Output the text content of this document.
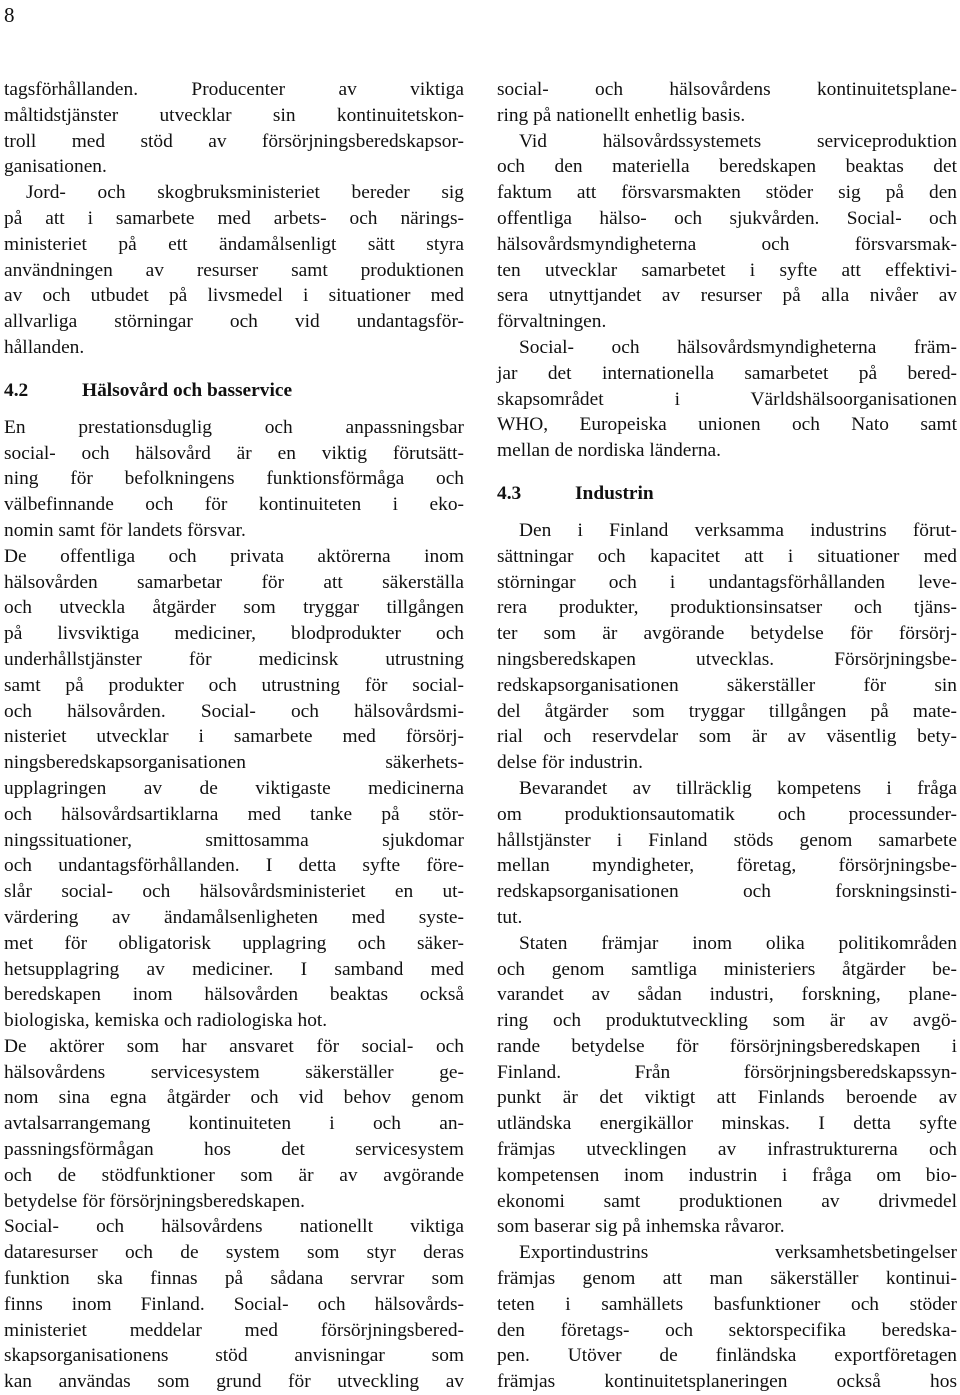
8
tagsförhållanden. Producenter av viktiga
måltidstjänster utvecklar sin kontinuitetskon-
troll med stöd av försörjningsberedskapsor-
ganisationen.
Jord- och skogbruksministeriet bereder sig
på att i samarbete med arbets- och närings-
ministeriet på ett ändamålsenligt sätt styra
användningen av resurser samt produktionen
av och utbudet på livsmedel i situationer med
allvarliga störningar och vid undantagsför-
hållanden.
4.2	Hälsovård och basservice
En prestationsduglig och anpassningsbar
social- och hälsovård är en viktig förutsätt-
ning för befolkningens funktionsförmåga och
välbefinnande och för kontinuiteten i eko-
nomin samt för landets försvar.
De offentliga och privata aktörerna inom
hälsovården samarbetar för att säkerställa
och utveckla åtgärder som tryggar tillgången
på livsviktiga mediciner, blodprodukter och
underhållstjänster för medicinsk utrustning
samt på produkter och utrustning för social-
och hälsovården. Social- och hälsovårdsmi-
nisteriet utvecklar i samarbete med försörj-
ningsberedskapsorganisationen säkerhets-
upplagringen av de viktigaste medicinerna
och hälsovårdsartiklarna med tanke på stör-
ningssituationer, smittosamma sjukdomar
och undantagsförhållanden. I detta syfte före-
slår social- och hälsovårdsministeriet en ut-
värdering av ändamålsenligheten med syste-
met för obligatorisk upplagring och säker-
hetsupplagring av mediciner. I samband med
beredskapen inom hälsovården beaktas också
biologiska, kemiska och radiologiska hot.
De aktörer som har ansvaret för social- och
hälsovårdens servicesystem säkerställer ge-
nom sina egna åtgärder och vid behov genom
avtalsarrangemang kontinuiteten i och an-
passningsförmågan hos det servicesystem
och de stödfunktioner som är av avgörande
betydelse för försörjningsberedskapen.
Social- och hälsovårdens nationellt viktiga
dataresurser och de system som styr deras
funktion ska finnas på sådana servrar som
finns inom Finland. Social- och hälsovårds-
ministeriet meddelar med försörjningsbered-
skapsorganisationens stöd anvisningar som
kan användas som grund för utveckling av
social- och hälsovårdens kontinuitetsplane-
ring på nationellt enhetlig basis.
Vid hälsovårdssystemets serviceproduktion
och den materiella beredskapen beaktas det
faktum att försvarsmakten stöder sig på den
offentliga hälso- och sjukvården. Social- och
hälsovårdsmyndigheterna och försvarsmak-
ten utvecklar samarbetet i syfte att effektivi-
sera utnyttjandet av resurser på alla nivåer av
förvaltningen.
Social- och hälsovårdsmyndigheterna främ-
jar det internationella samarbetet på bered-
skapsområdet i Världshälsoorganisationen
WHO, Europeiska unionen och Nato samt
mellan de nordiska länderna.
4.3	Industrin
Den i Finland verksamma industrins förut-
sättningar och kapacitet att i situationer med
störningar och i undantagsförhållanden leve-
rera produkter, produktionsinsatser och tjäns-
ter som är avgörande betydelse för försörj-
ningsberedskapen utvecklas. Försörjningsbe-
redskapsorganisationen säkerställer för sin
del åtgärder som tryggar tillgången på mate-
rial och reservdelar som är av väsentlig bety-
delse för industrin.
Bevarandet av tillräcklig kompetens i fråga
om produktionsautomatik och processunder-
hållstjänster i Finland stöds genom samarbete
mellan myndigheter, företag, försörjningsbe-
redskapsorganisationen och forskningsinsti-
tut.
Staten främjar inom olika politikområden
och genom samtliga ministeriers åtgärder be-
varandet av sådan industri, forskning, plane-
ring och produktutveckling som är av avgö-
rande betydelse för försörjningsberedskapen i
Finland. Från försörjningsberedskapssyn-
punkt är det viktigt att Finlands beroende av
utländska energikällor minskas. I detta syfte
främjas utvecklingen av infrastrukturerna och
kompetensen inom industrin i fråga om bio-
ekonomi samt produktionen av drivmedel
som baserar sig på inhemska råvaror.
Exportindustrins verksamhetsbetingelser
främjas genom att man säkerställer kontinui-
teten i samhällets basfunktioner och stöder
den företags- och sektorspecifika beredska-
pen. Utöver de finländska exportföretagen
främjas kontinuitetsplaneringen också hos
